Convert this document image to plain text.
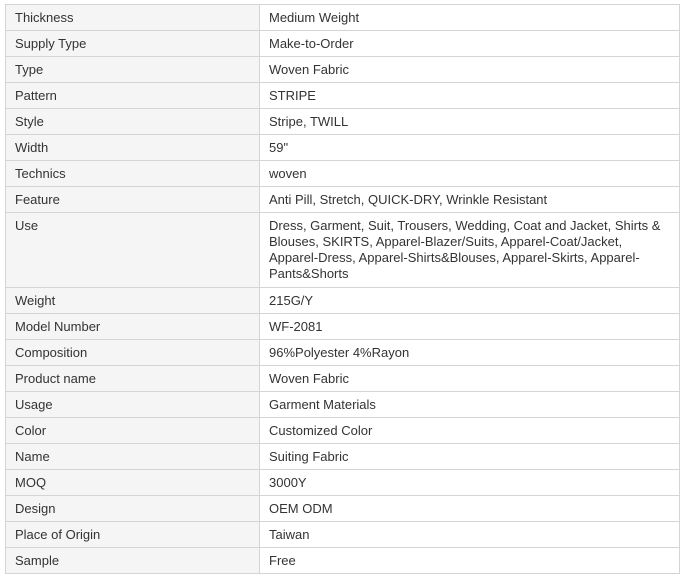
Thickness	Medium Weight
Supply Type	Make-to-Order
Type	Woven Fabric
Pattern	STRIPE
Style	Stripe, TWILL
Width	59"
Technics	woven
Feature	Anti Pill, Stretch, QUICK-DRY, Wrinkle Resistant
Use	Dress, Garment, Suit, Trousers, Wedding, Coat and Jacket, Shirts & Blouses, SKIRTS, Apparel-Blazer/Suits, Apparel-Coat/Jacket, Apparel-Dress, Apparel-Shirts&Blouses, Apparel-Skirts, Apparel-Pants&Shorts
Weight	215G/Y
Model Number	WF-2081
Composition	96%Polyester 4%Rayon
Product name	Woven Fabric
Usage	Garment Materials
Color	Customized Color
Name	Suiting Fabric
MOQ	3000Y
Design	OEM ODM
Place of Origin	Taiwan
Sample	Free
